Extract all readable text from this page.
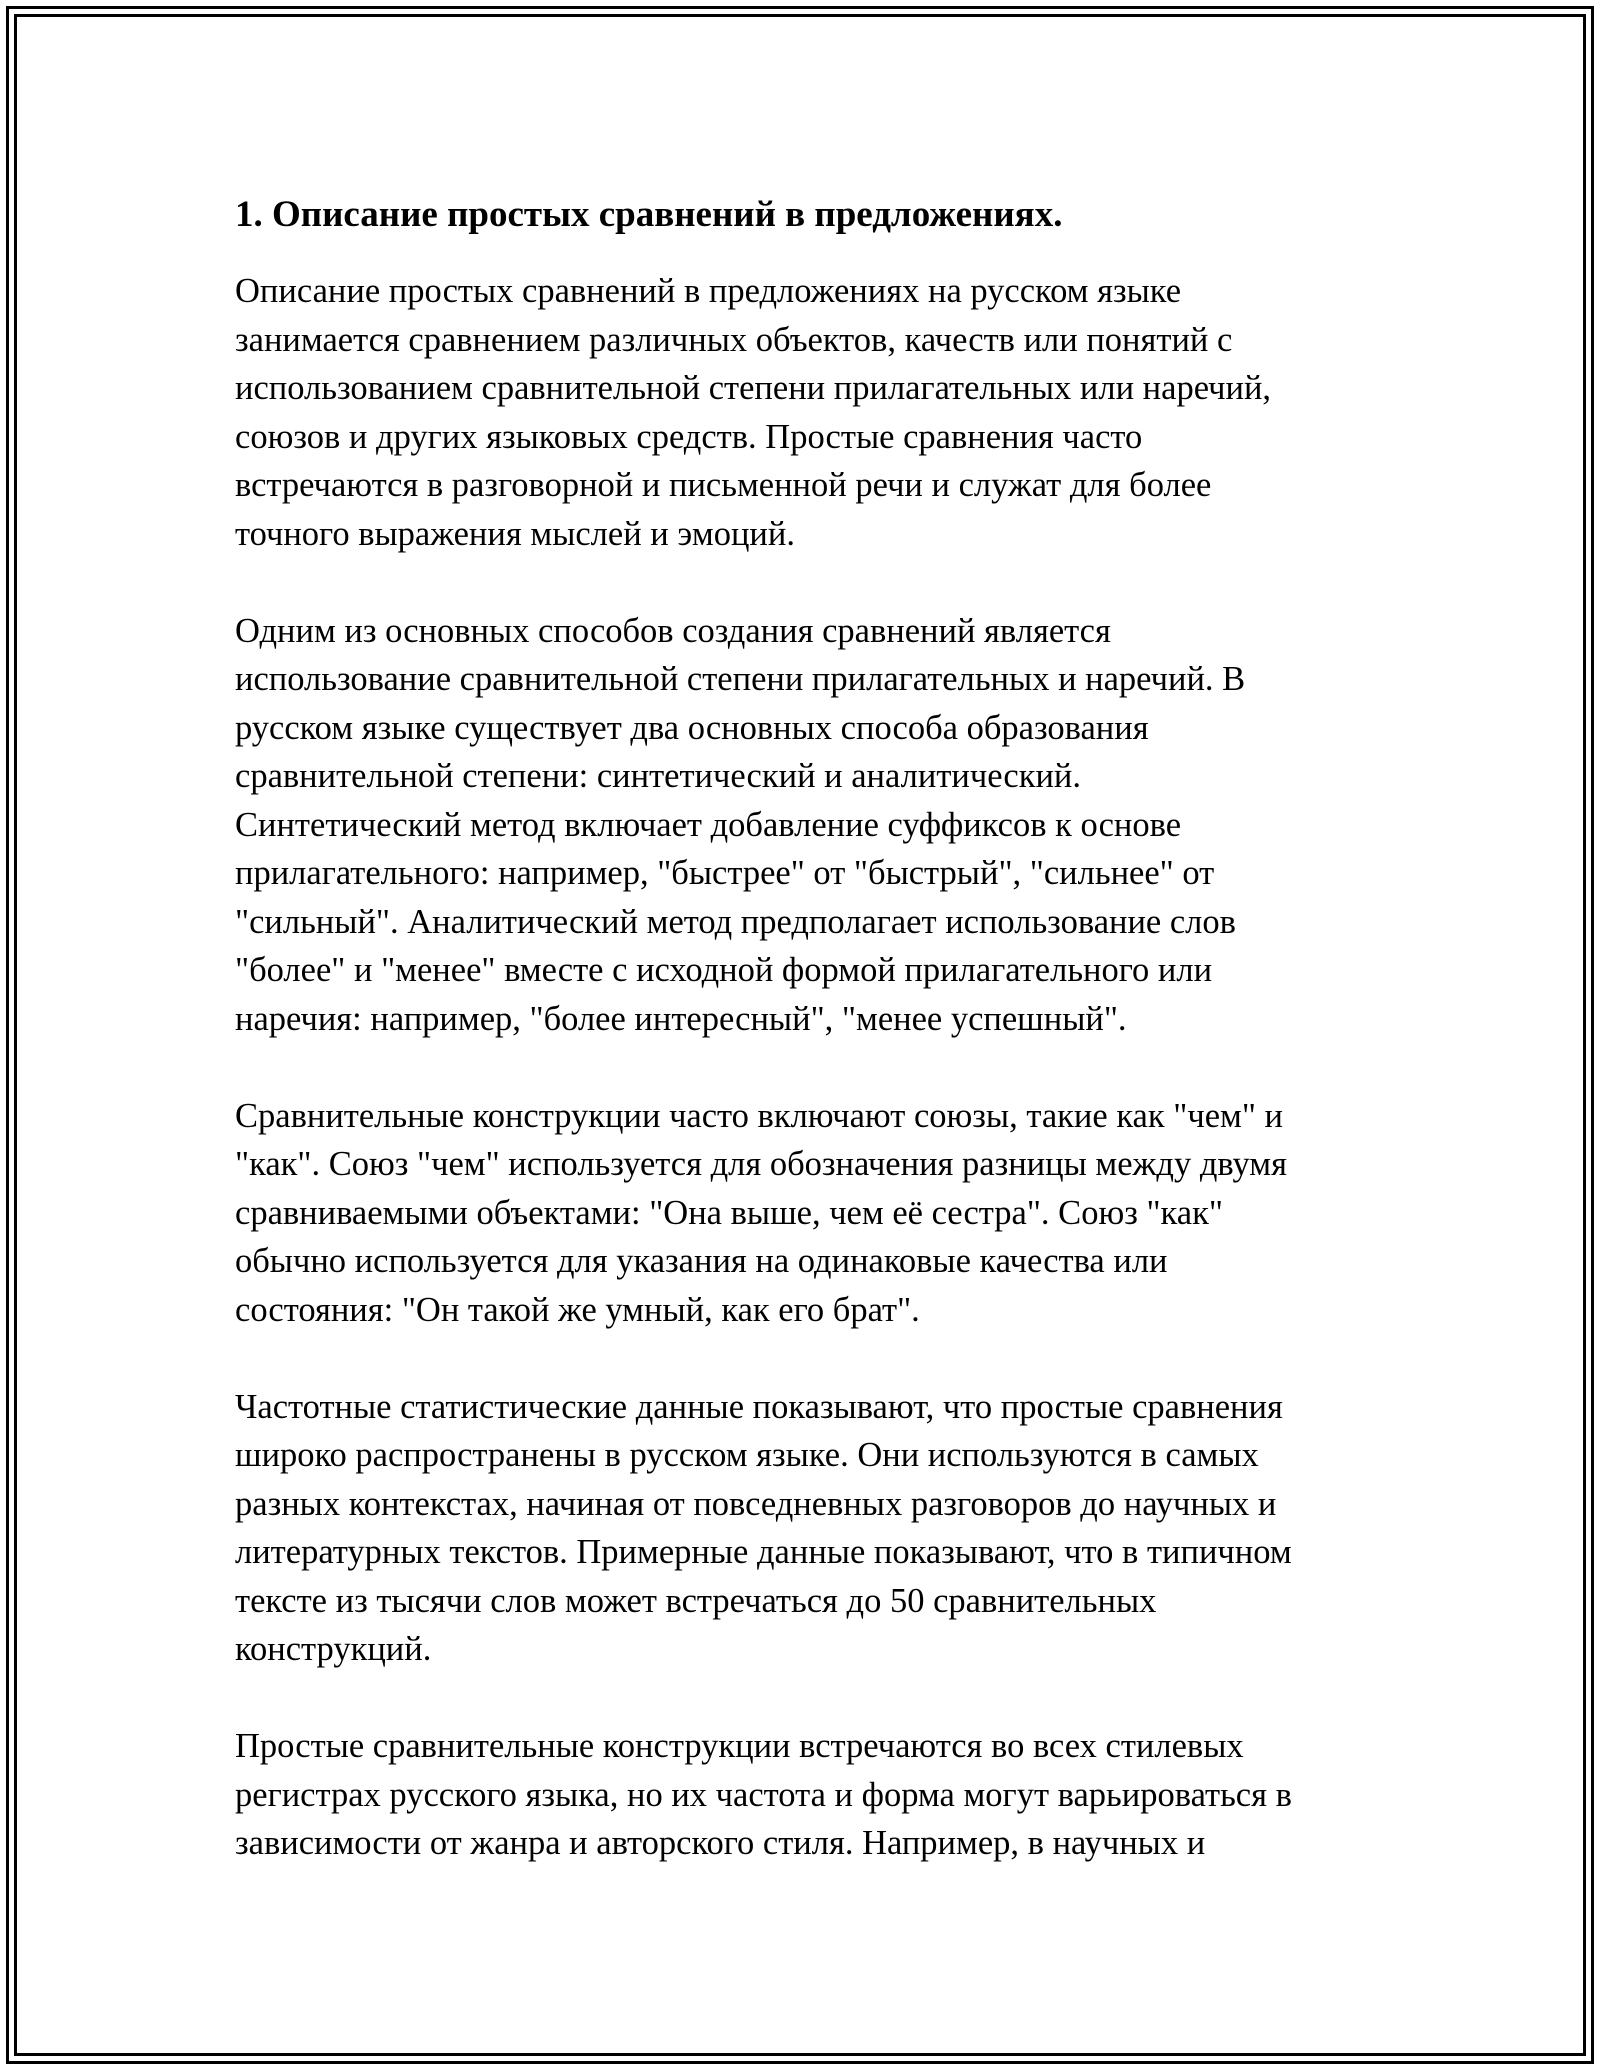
1. Описание простых сравнений в предложениях.

Описание простых сравнений в предложениях на русском языке
занимается сравнением различных объектов, качеств или понятий с
использованием сравнительной степени прилагательных или наречий,
союзов и других языковых средств. Простые сравнения часто
встречаются в разговорной и письменной речи и служат для более
точного выражения мыслей и эмоций.

Одним из основных способов создания сравнений является
использование сравнительной степени прилагательных и наречий. В
русском языке существует два основных способа образования
сравнительной степени: синтетический и аналитический.
Синтетический метод включает добавление суффиксов к основе
прилагательного: например, "быстрее" от "быстрый", "сильнее" от
"сильный". Аналитический метод предполагает использование слов
"более" и "менее" вместе с исходной формой прилагательного или
наречия: например, "более интересный", "менее успешный".

Сравнительные конструкции часто включают союзы, такие как "чем" и
"как". Союз "чем" используется для обозначения разницы между двумя
сравниваемыми объектами: "Она выше, чем её сестра". Союз "как"
обычно используется для указания на одинаковые качества или
состояния: "Он такой же умный, как его брат".

Частотные статистические данные показывают, что простые сравнения
широко распространены в русском языке. Они используются в самых
разных контекстах, начиная от повседневных разговоров до научных и
литературных текстов. Примерные данные показывают, что в типичном
тексте из тысячи слов может встречаться до 50 сравнительных
конструкций.

Простые сравнительные конструкции встречаются во всех стилевых
регистрах русского языка, но их частота и форма могут варьироваться в
зависимости от жанра и авторского стиля. Например, в научных и
